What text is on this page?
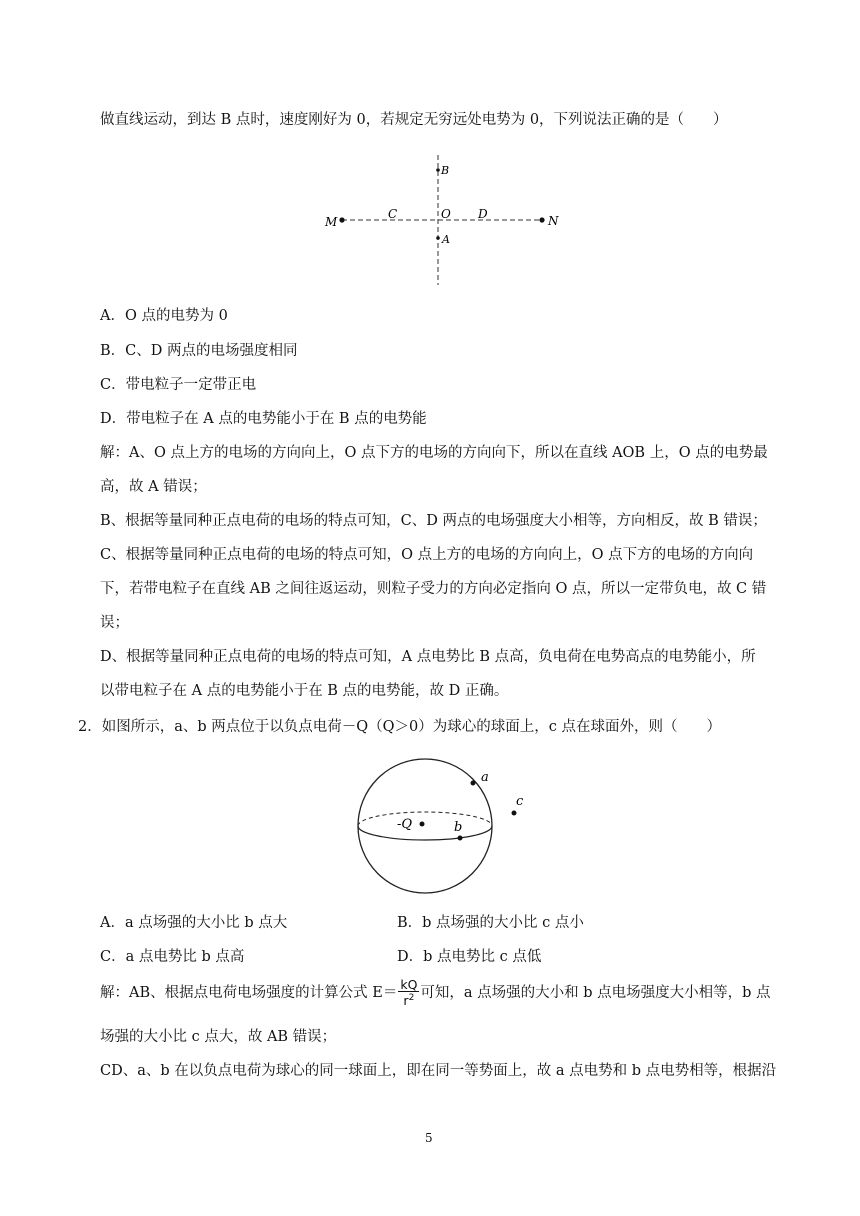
做直线运动，到达 B 点时，速度刚好为 0，若规定无穷远处电势为 0，下列说法正确的是（　　）
M
C	O D	N
B
A
A．O 点的电势为 0
B．C、D 两点的电场强度相同
C．带电粒子一定带正电
D．带电粒子在 A 点的电势能小于在 B 点的电势能
解：A、O 点上方的电场的方向向上，O 点下方的电场的方向向下，所以在直线 AOB 上，O 点的电势最
高，故 A 错误；
B、根据等量同种正点电荷的电场的特点可知，C、D 两点的电场强度大小相等，方向相反，故 B 错误；
C、根据等量同种正点电荷的电场的特点可知，O 点上方的电场的方向向上，O 点下方的电场的方向向
下，若带电粒子在直线 AB 之间往返运动，则粒子受力的方向必定指向 O 点，所以一定带负电，故 C 错
误；
D、根据等量同种正点电荷的电场的特点可知，A 点电势比 B 点高，负电荷在电势高点的电势能小，所
以带电粒子在 A 点的电势能小于在 B 点的电势能，故 D 正确。
2．如图所示，a、b 两点位于以负点电荷－Q（Q＞0）为球心的球面上，c 点在球面外，则（　　）
a
-Q	b
c
A．a 点场强的大小比 b 点大	B．b 点场强的大小比 c 点小
C．a 点电势比 b 点高	D．b 点电势比 c 点低
解：AB、根据点电荷电场强度的计算公式 $E= \frac{kQ}{r^2}$ 可知，a 点场强的大小和 b 点电场强度大小相等，b 点
场强的大小比 c 点大，故 AB 错误；
CD、a、b 在以负点电荷为球心的同一球面上，即在同一等势面上，故 a 点电势和 b 点电势相等，根据沿
5
